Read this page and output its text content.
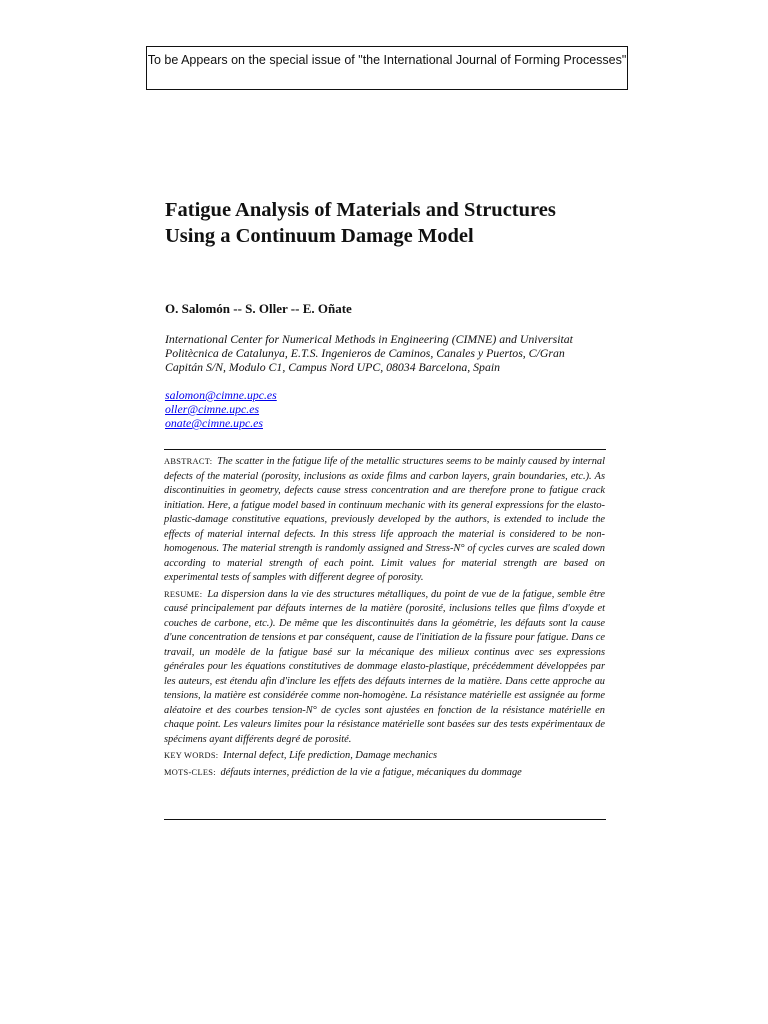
To be Appears on the special issue of "the International Journal of Forming Processes"
Fatigue Analysis of Materials and Structures Using a Continuum Damage Model
O. Salomón -- S. Oller -- E. Oñate
International Center for Numerical Methods in Engineering (CIMNE) and Universitat Politècnica de Catalunya, E.T.S. Ingenieros de Caminos, Canales y Puertos, C/Gran Capitán S/N, Modulo C1, Campus Nord UPC, 08034 Barcelona, Spain
salomon@cimne.upc.es
oller@cimne.upc.es
onate@cimne.upc.es

ABSTRACT: The scatter in the fatigue life of the metallic structures seems to be mainly caused by internal defects of the material (porosity, inclusions as oxide films and carbon layers, grain boundaries, etc.). As discontinuities in geometry, defects cause stress concentration and are therefore prone to fatigue crack initiation. Here, a fatigue model based in continuum mechanic with its general expressions for the elasto-plastic-damage constitutive equations, previously developed by the authors, is extended to include the effects of material internal defects. In this stress life approach the material is considered to be non-homogenous. The material strength is randomly assigned and Stress-N° of cycles curves are scaled down according to material strength of each point. Limit values for material strength are based on experimental tests of samples with different degree of porosity.

RESUME: La dispersion dans la vie des structures métalliques, du point de vue de la fatigue, semble être causé principalement par défauts internes de la matière (porosité, inclusions telles que films d'oxyde et couches de carbone, etc.). De même que les discontinuités dans la géométrie, les défauts sont la cause d'une concentration de tensions et par conséquent, cause de l'initiation de la fissure pour fatigue. Dans ce travail, un modèle de la fatigue basé sur la mécanique des milieux continus avec ses expressions générales pour les équations constitutives de dommage elasto-plastique, précédemment développées par les auteurs, est étendu afin d'inclure les effets des défauts internes de la matière. Dans cette approche au tensions, la matière est considérée comme non-homogène. La résistance matérielle est assignée au forme aléatoire et des courbes tension-N° de cycles sont ajustées en fonction de la résistance matérielle en chaque point. Les valeurs limites pour la résistance matérielle sont basées sur des tests expérimentaux de spécimens ayant différents degré de porosité.

KEY WORDS: Internal defect, Life prediction, Damage mechanics

MOTS-CLES: défauts internes, prédiction de la vie a fatigue, mécaniques du dommage
